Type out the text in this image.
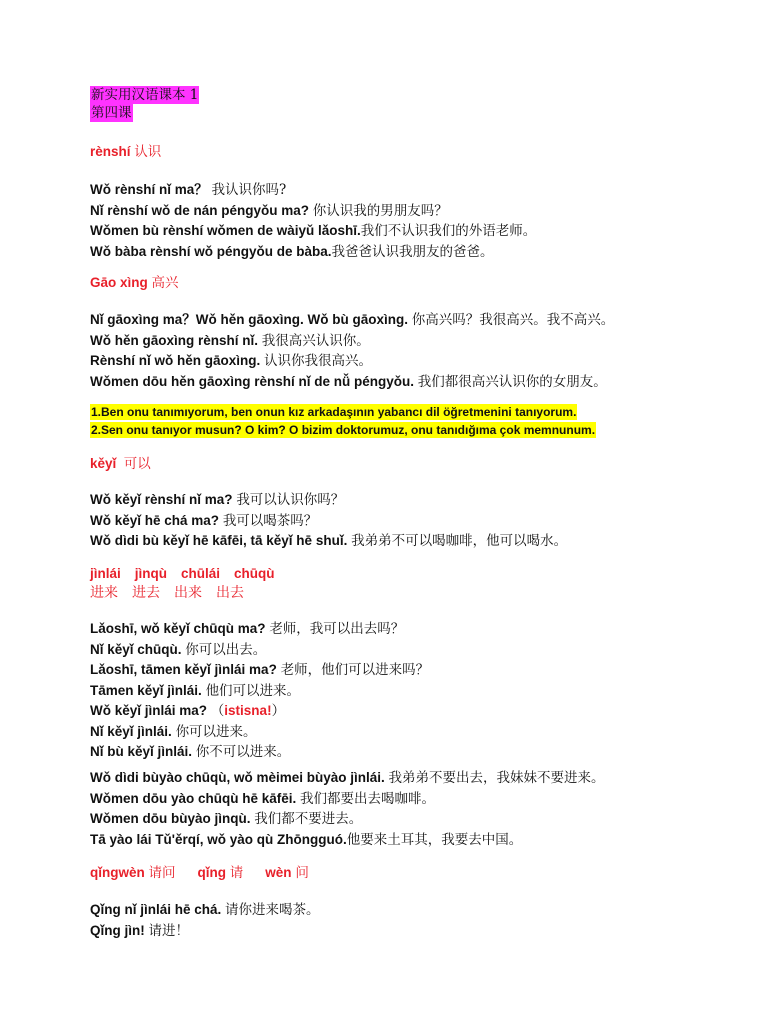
新实用汉语课本 1
第四课
rènshí 认识
Wǒ rènshí nǐ ma？ 我认识你吗?
Nǐ rènshí wǒ de nán péngyǒu ma? 你认识我的男朋友吗？
Wǒmen bù rènshí wǒmen de wàiyǔ lǎoshī.我们不认识我们的外语老师。
Wǒ bàba rènshí wǒ péngyǒu de bàba.我爸爸认识我朋友的爸爸。
Gāo xìng 高兴
Nǐ gāoxìng ma？Wǒ hěn gāoxìng. Wǒ bù gāoxìng. 你高兴吗？我很高兴。我不高兴。
Wǒ hěn gāoxìng rènshí nǐ. 我很高兴认识你。
Rènshí nǐ wǒ hěn gāoxìng. 认识你我很高兴。
Wǒmen dōu hěn gāoxìng rènshí nǐ de nǚ péngyǒu. 我们都很高兴认识你的女朋友。
1.Ben onu tanımıyorum, ben onun kız arkadaşının yabancı dil öğretmenini tanıyorum.
2.Sen onu tanıyor musun? O kim? O bizim doktorumuz, onu tanıdığıma çok memnunum.
kěyǐ 可以
Wǒ kěyǐ rènshí nǐ ma? 我可以认识你吗？
Wǒ kěyǐ hē chá ma? 我可以喝茶吗？
Wǒ dìdi bù kěyǐ hē kāfēi, tā kěyǐ hē shuǐ. 我弟弟不可以喝咖啡，他可以喝水。
jìnlái jìnqù chūlái chūqù
进来 进去 出来 出去
Lǎoshī, wǒ kěyǐ chūqù ma? 老师，我可以出去吗？
Nǐ kěyǐ chūqù. 你可以出去。
Lǎoshī, tāmen kěyǐ jìnlái ma? 老师，他们可以进来吗？
Tāmen kěyǐ jìnlái. 他们可以进来。
Wǒ kěyǐ jìnlái ma? （istisna!）
Nǐ kěyǐ jìnlái. 你可以进来。
Nǐ bù kěyǐ jìnlái. 你不可以进来。
Wǒ dìdi bùyào chūqù, wǒ mèimei bùyào jìnlái. 我弟弟不要出去，我妹妹不要进来。
Wǒmen dōu yào chūqù hē kāfēi. 我们都要出去喝咖啡。
Wǒmen dōu bùyào jìnqù. 我们都不要进去。
Tā yào lái Tǔ'ěrqí, wǒ yào qù Zhōngguó.他要来土耳其，我要去中国。
qǐngwèn 请问 qǐng 请 wèn 问
Qǐng nǐ jìnlái hē chá. 请你进来喝茶。
Qǐng jìn! 请进！
